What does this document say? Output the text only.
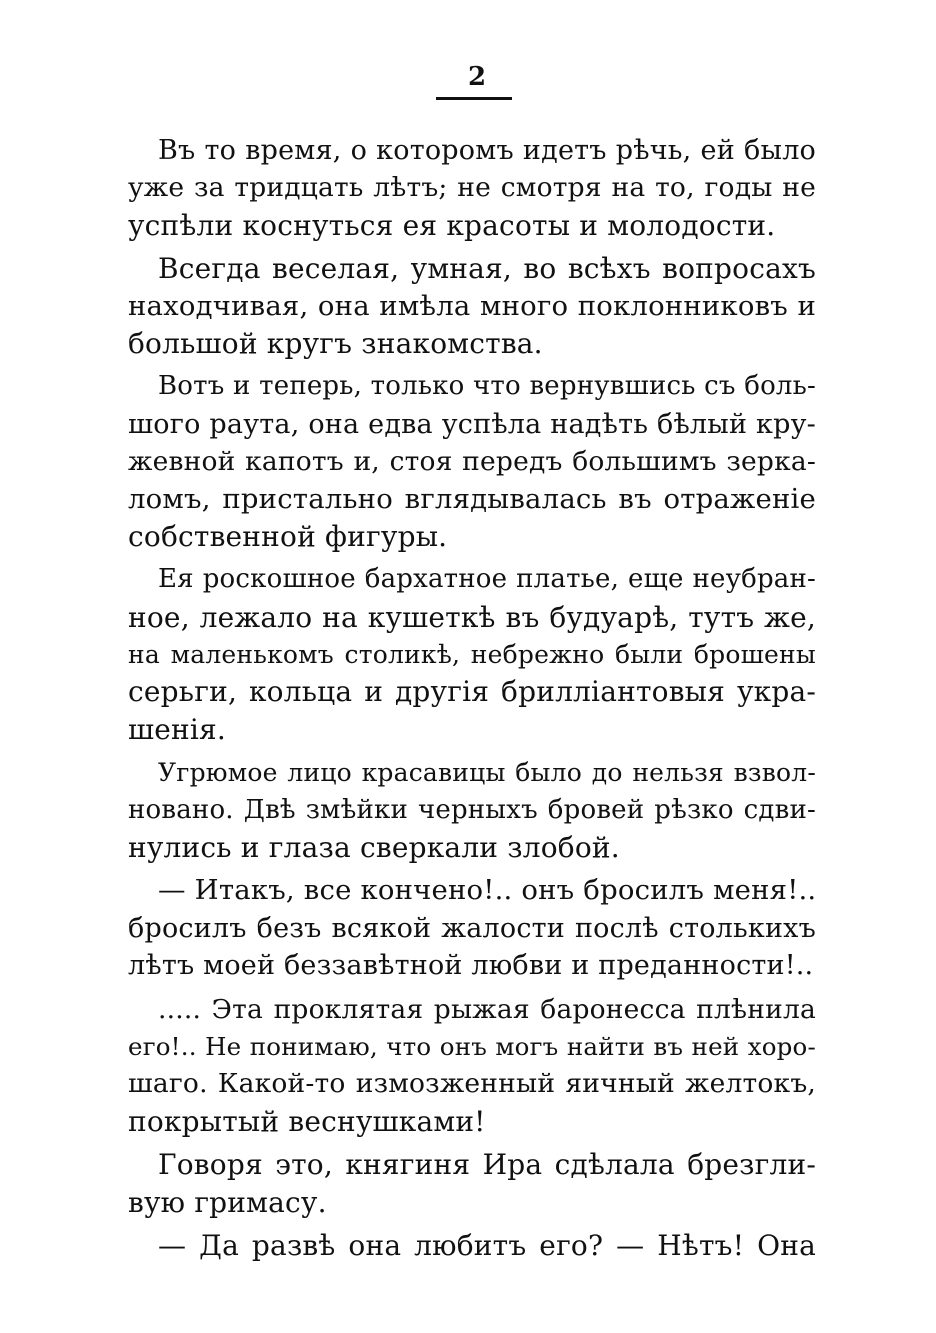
2
Въ то время, о которомъ идетъ рѣчь, ей было
уже за тридцать лѣтъ; не смотря на то, годы не
успѣли коснуться ея красоты и молодости.
Всегда веселая, умная, во всѣхъ вопросахъ
находчивая, она имѣла много поклонниковъ и
большой кругъ знакомства.
Вотъ и теперь, только что вернувшись съ боль-
шого раута, она едва успѣла надѣть бѣлый кру-
жевной капотъ и, стоя передъ большимъ зерка-
ломъ, пристально вглядывалась въ отраженіе
собственной фигуры.
Ея роскошное бархатное платье, еще неубран-
ное, лежало на кушеткѣ въ будуарѣ, тутъ же,
на маленькомъ столикѣ, небрежно были брошены
серьги, кольца и другія бриллiантовыя укра-
шенія.
Угрюмое лицо красавицы было до нельзя взвол-
новано. Двѣ змѣйки черныхъ бровей рѣзко сдви-
нулись и глаза сверкали злобой.
— Итакъ, все кончено!.. онъ бросилъ меня!..
бросилъ безъ всякой жалости послѣ столькихъ
лѣтъ моей беззавѣтной любви и преданности!..
..... Эта проклятая рыжая баронесса плѣнила
его!.. Не понимаю, что онъ могъ найти въ ней хоро-
шаго. Какой-то измозженный яичный желтокъ,
покрытый веснушками!
Говоря это, княгиня Ира сдѣлала брезгли-
вую гримасу.
— Да развѣ она любитъ его? — Нѣтъ! Она
